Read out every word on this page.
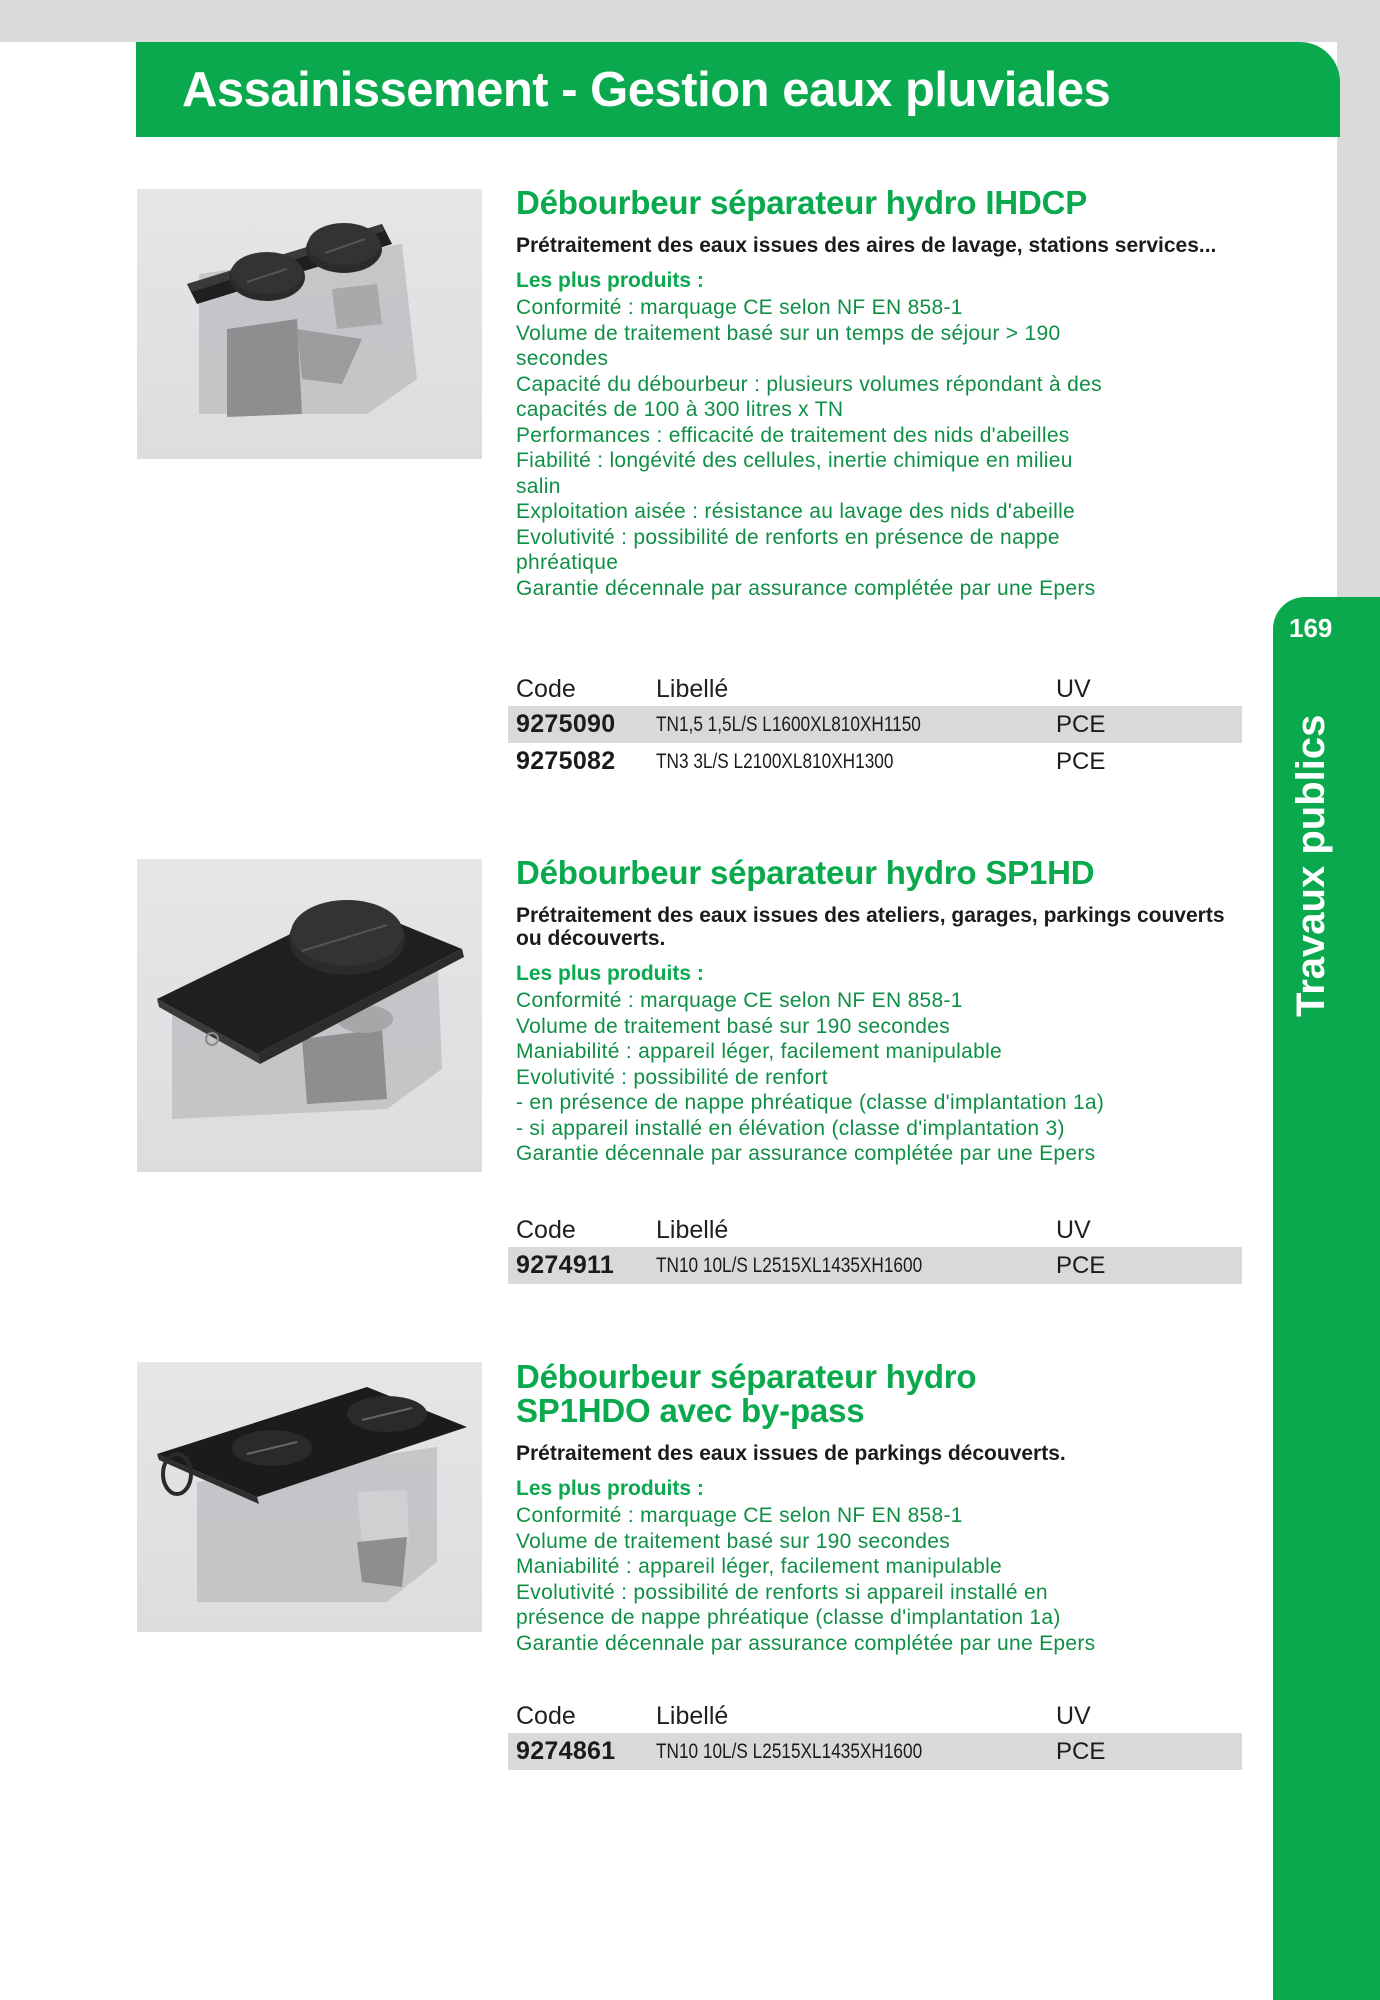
Assainissement - Gestion eaux pluviales
169
Travaux publics
Débourbeur séparateur hydro IHDCP

Prétraitement des eaux issues des aires de lavage, stations services...

Les plus produits :
Conformité : marquage CE selon NF EN 858-1
Volume de traitement basé sur un temps de séjour > 190
secondes
Capacité du débourbeur : plusieurs volumes répondant à des
capacités de 100 à 300 litres x TN
Performances : efficacité de traitement des nids d'abeilles
Fiabilité : longévité des cellules, inertie chimique en milieu
salin
Exploitation aisée : résistance au lavage des nids d'abeille
Evolutivité : possibilité de renforts en présence de nappe
phréatique
Garantie décennale par assurance complétée par une Epers
Code	Libellé	UV
9275090	TN1,5 1,5L/S L1600XL810XH1150	PCE
9275082	TN3 3L/S L2100XL810XH1300	PCE
Débourbeur séparateur hydro SP1HD

Prétraitement des eaux issues des ateliers, garages, parkings couverts ou découverts.

Les plus produits :
Conformité : marquage CE selon NF EN 858-1
Volume de traitement basé sur 190 secondes
Maniabilité : appareil léger, facilement manipulable
Evolutivité : possibilité de renfort
- en présence de nappe phréatique (classe d'implantation 1a)
- si appareil installé en élévation (classe d'implantation 3)
Garantie décennale par assurance complétée par une Epers
Code	Libellé	UV
9274911	TN10 10L/S L2515XL1435XH1600	PCE
Débourbeur séparateur hydro SP1HDO avec by-pass

Prétraitement des eaux issues de parkings découverts.

Les plus produits :
Conformité : marquage CE selon NF EN 858-1
Volume de traitement basé sur 190 secondes
Maniabilité : appareil léger, facilement manipulable
Evolutivité : possibilité de renforts si appareil installé en
présence de nappe phréatique (classe d'implantation 1a)
Garantie décennale par assurance complétée par une Epers
Code	Libellé	UV
9274861	TN10 10L/S L2515XL1435XH1600	PCE
